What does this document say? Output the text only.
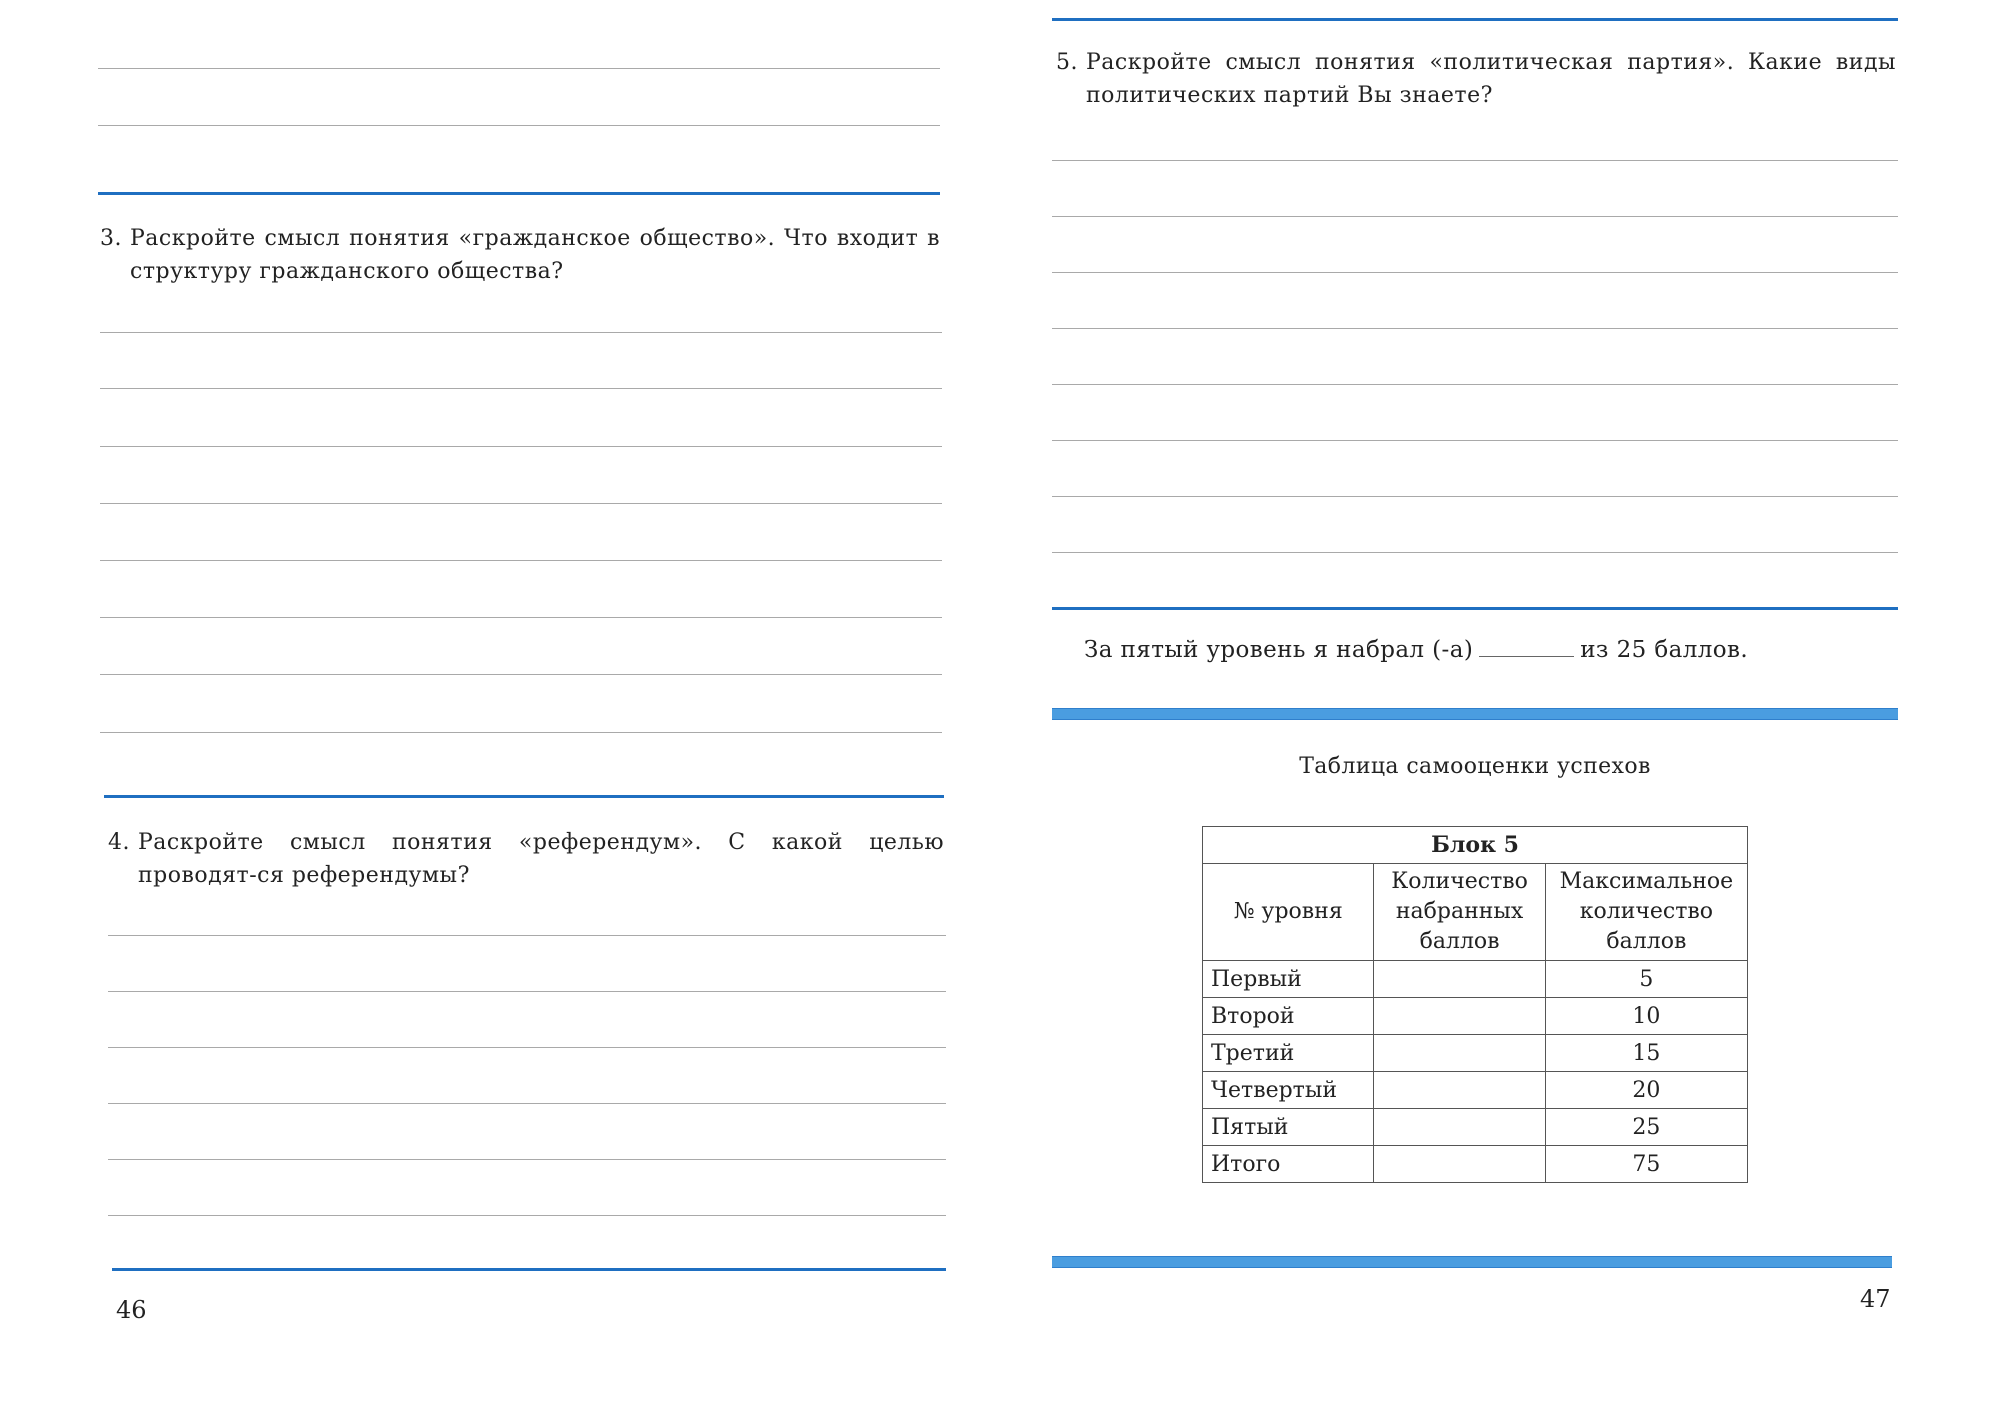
3. Раскройте смысл понятия «гражданское общество». Что входит в структуру гражданского общества?
4. Раскройте смысл понятия «референдум». С какой целью проводят-ся референдумы?
46
5. Раскройте смысл понятия «политическая партия». Какие виды политических партий Вы знаете?
За пятый уровень я набрал (-а)	из 25 баллов.
Таблица самооценки успехов
Блок 5		
№ уровня	Количество набранных баллов	Максимальное количество баллов
Первый		5
Второй		10
Третий		15
Четвертый		20
Пятый		25
Итого		75
47
